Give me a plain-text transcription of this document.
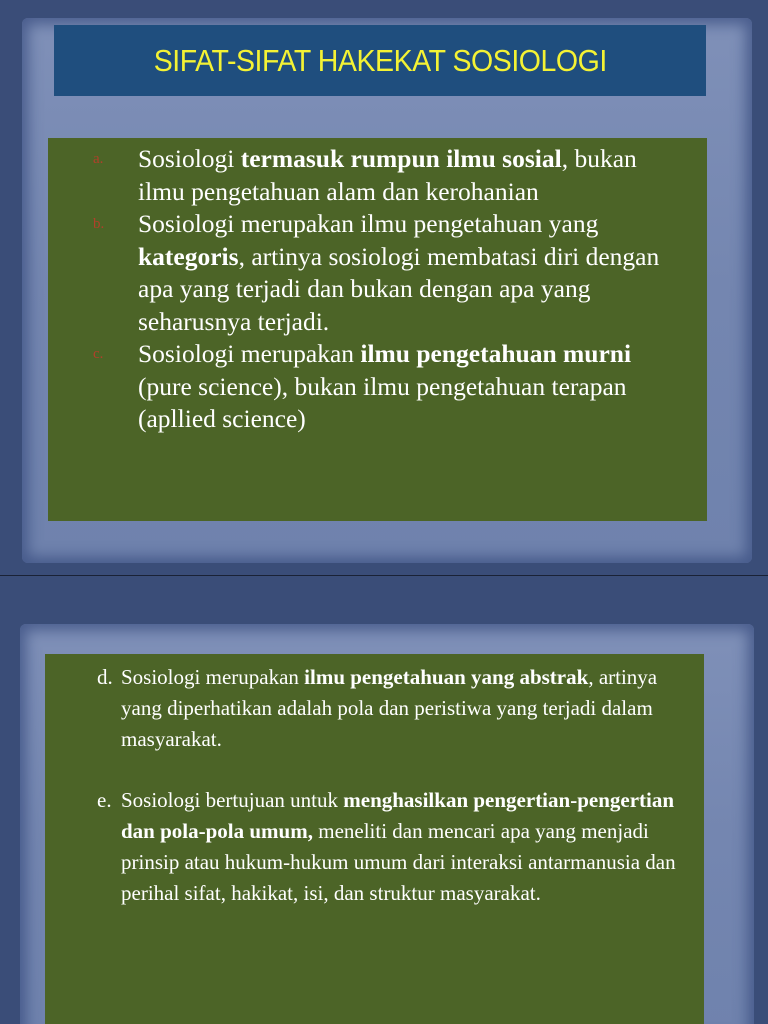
SIFAT-SIFAT HAKEKAT SOSIOLOGI
a. Sosiologi termasuk rumpun ilmu sosial, bukan ilmu pengetahuan alam dan kerohanian
b. Sosiologi merupakan ilmu pengetahuan yang kategoris, artinya sosiologi membatasi diri dengan apa yang terjadi dan bukan dengan apa yang seharusnya terjadi.
c. Sosiologi merupakan ilmu pengetahuan murni (pure science), bukan ilmu pengetahuan terapan (apllied science)
d. Sosiologi merupakan ilmu pengetahuan yang abstrak, artinya yang diperhatikan adalah pola dan peristiwa yang terjadi dalam masyarakat.
e. Sosiologi bertujuan untuk menghasilkan pengertian-pengertian dan pola-pola umum, meneliti dan mencari apa yang menjadi prinsip atau hukum-hukum umum dari interaksi antarmanusia dan perihal sifat, hakikat, isi, dan struktur masyarakat.
